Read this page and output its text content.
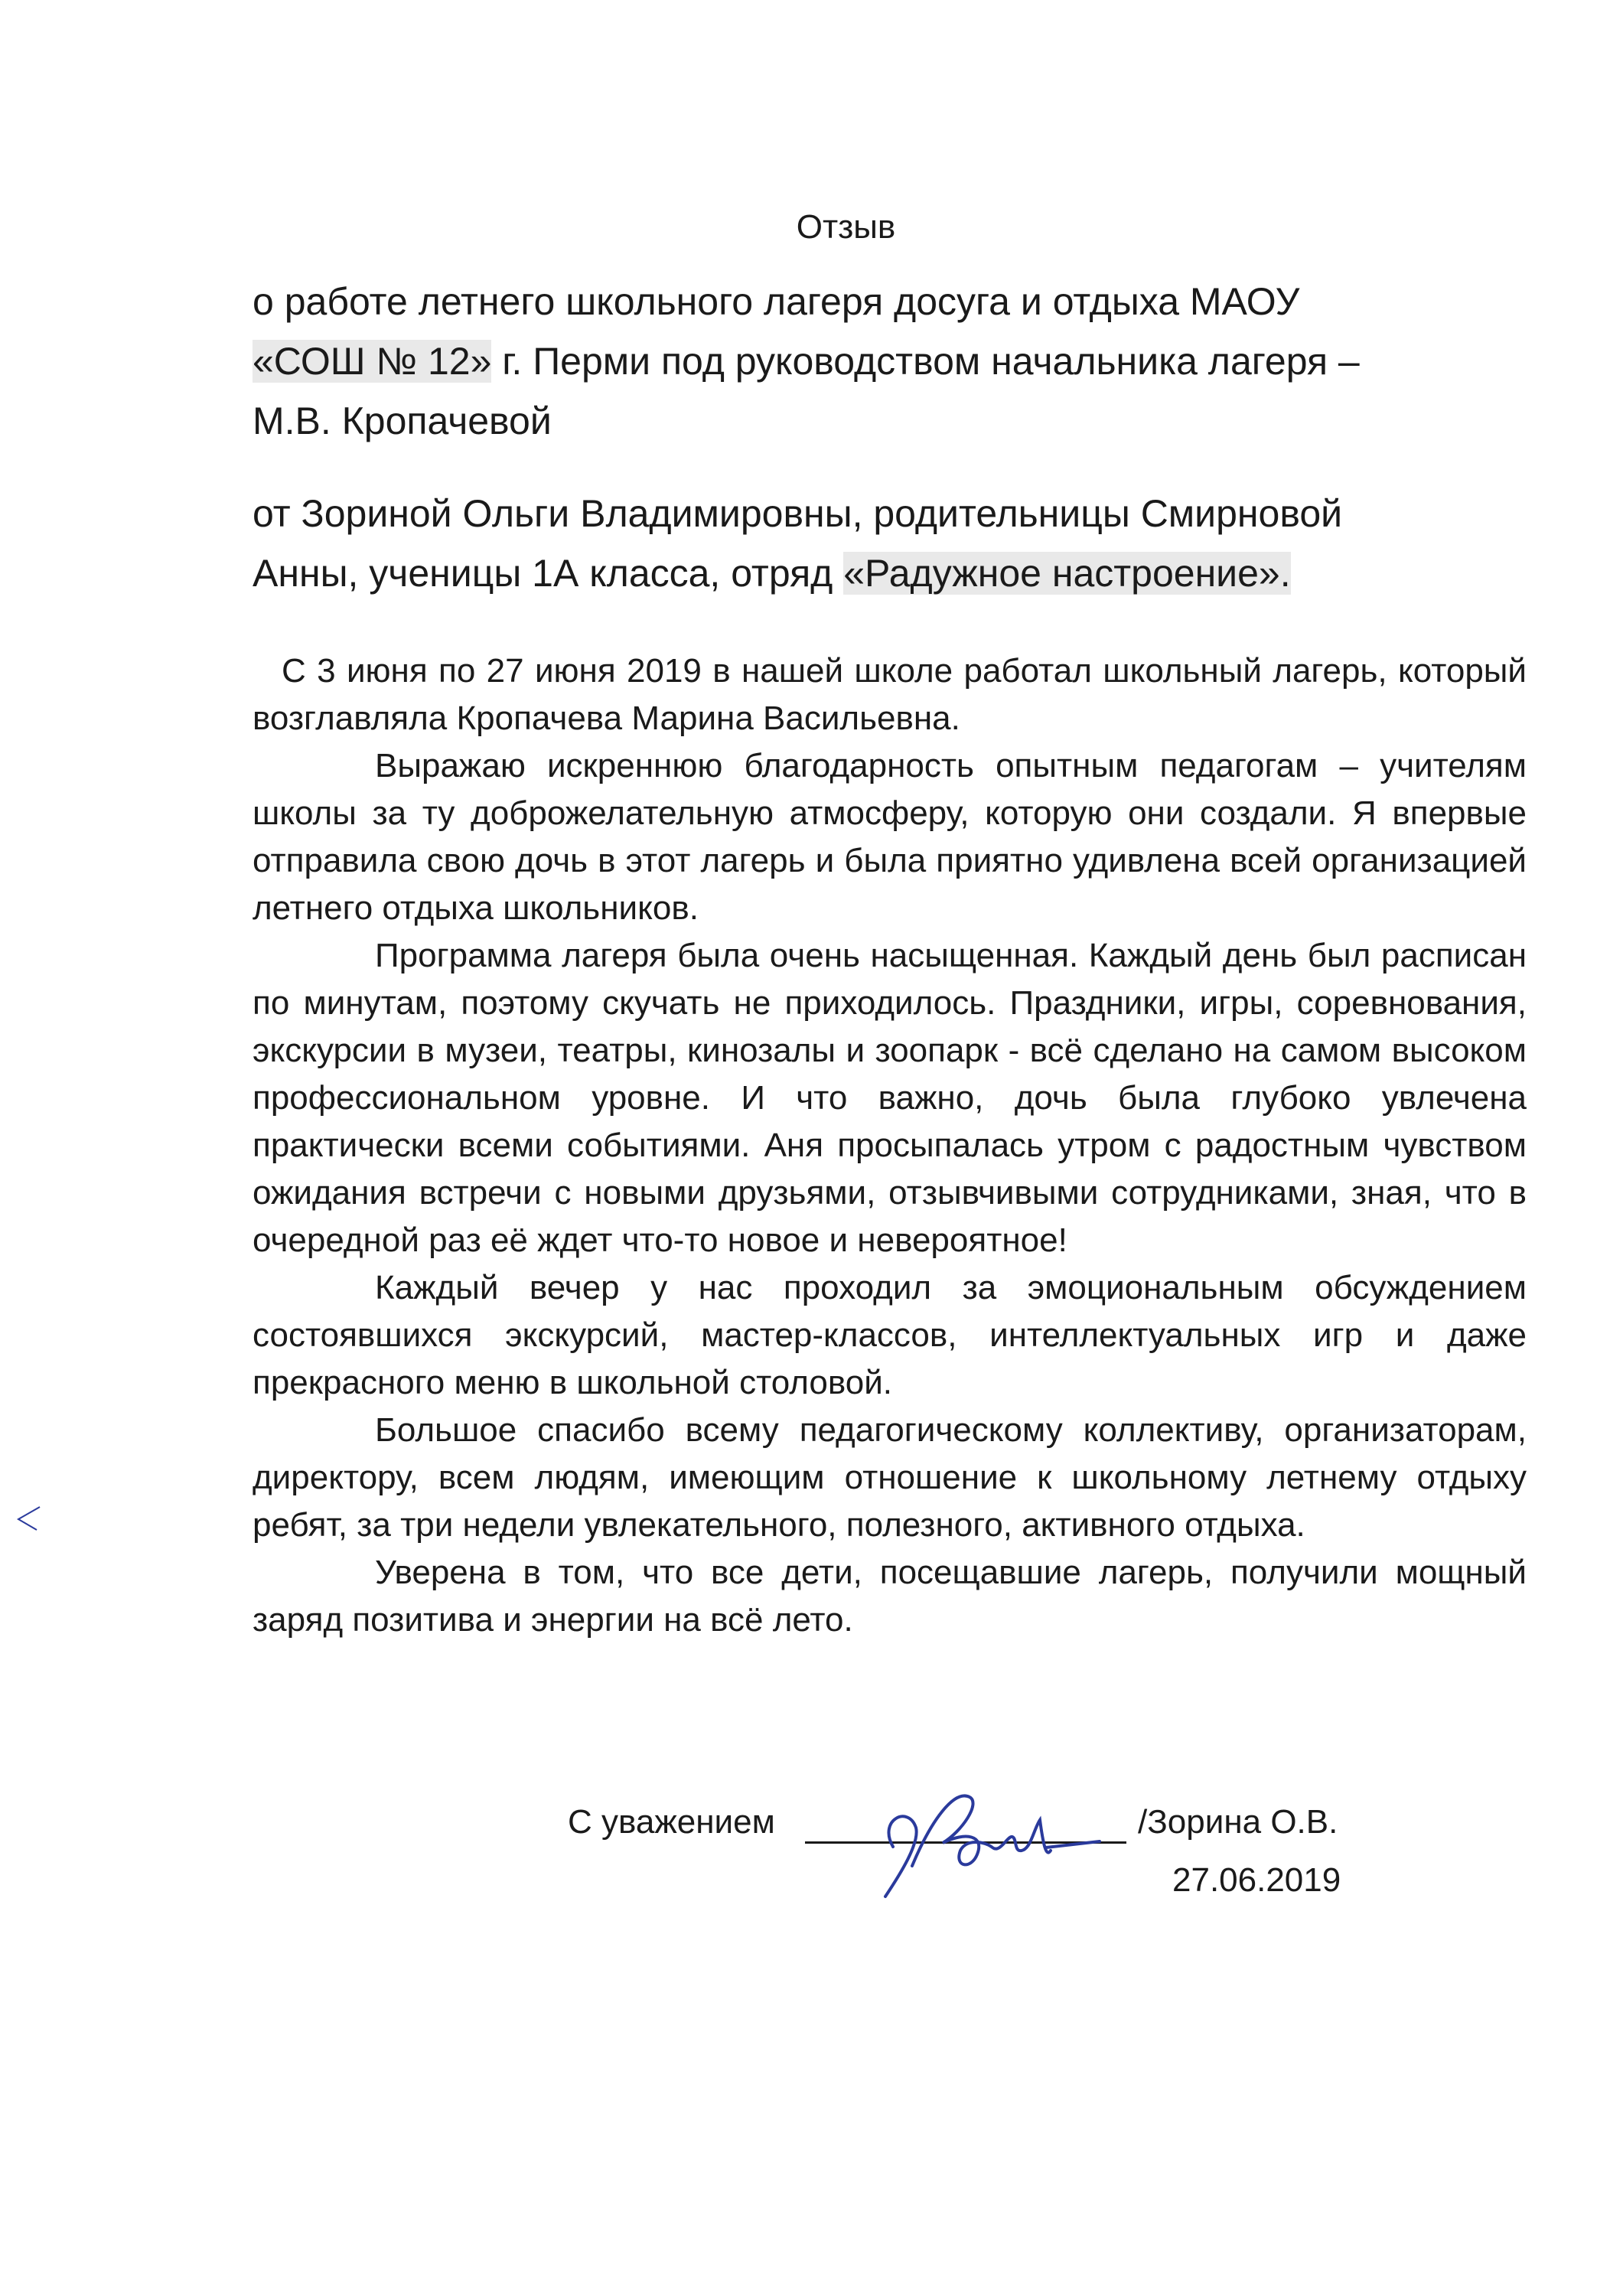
Отзыв
о работе летнего школьного лагеря досуга и отдыха МАОУ
«СОШ № 12» г. Перми под руководством начальника лагеря –
М.В. Кропачевой
от Зориной Ольги Владимировны, родительницы Смирновой
Анны, ученицы 1А класса, отряд «Радужное настроение».

С 3 июня по 27 июня 2019 в нашей школе работал школьный лагерь, который возглавляла Кропачева Марина Васильевна.

Выражаю искреннюю благодарность опытным педагогам – учителям школы за ту доброжелательную атмосферу, которую они создали. Я впервые отправила свою дочь в этот лагерь и была приятно удивлена всей организацией летнего отдыха школьников.

Программа лагеря была очень насыщенная. Каждый день был расписан по минутам, поэтому скучать не приходилось. Праздники, игры, соревнования, экскурсии в музеи, театры, кинозалы и зоопарк - всё сделано на самом высоком профессиональном уровне. И что важно, дочь была глубоко увлечена практически всеми событиями. Аня просыпалась утром с радостным чувством ожидания встречи с новыми друзьями, отзывчивыми сотрудниками, зная, что в очередной раз её ждет что-то новое и невероятное!

Каждый вечер у нас проходил за эмоциональным обсуждением состоявшихся экскурсий, мастер-классов, интеллектуальных игр и даже прекрасного меню в школьной столовой.

Большое спасибо всему педагогическому коллективу, организаторам, директору, всем людям, имеющим отношение к школьному летнему отдыху ребят, за три недели увлекательного, полезного, активного отдыха.

Уверена в том, что все дети, посещавшие лагерь, получили мощный заряд позитива и энергии на всё лето.

С уважением	/Зорина О.В.
27.06.2019
